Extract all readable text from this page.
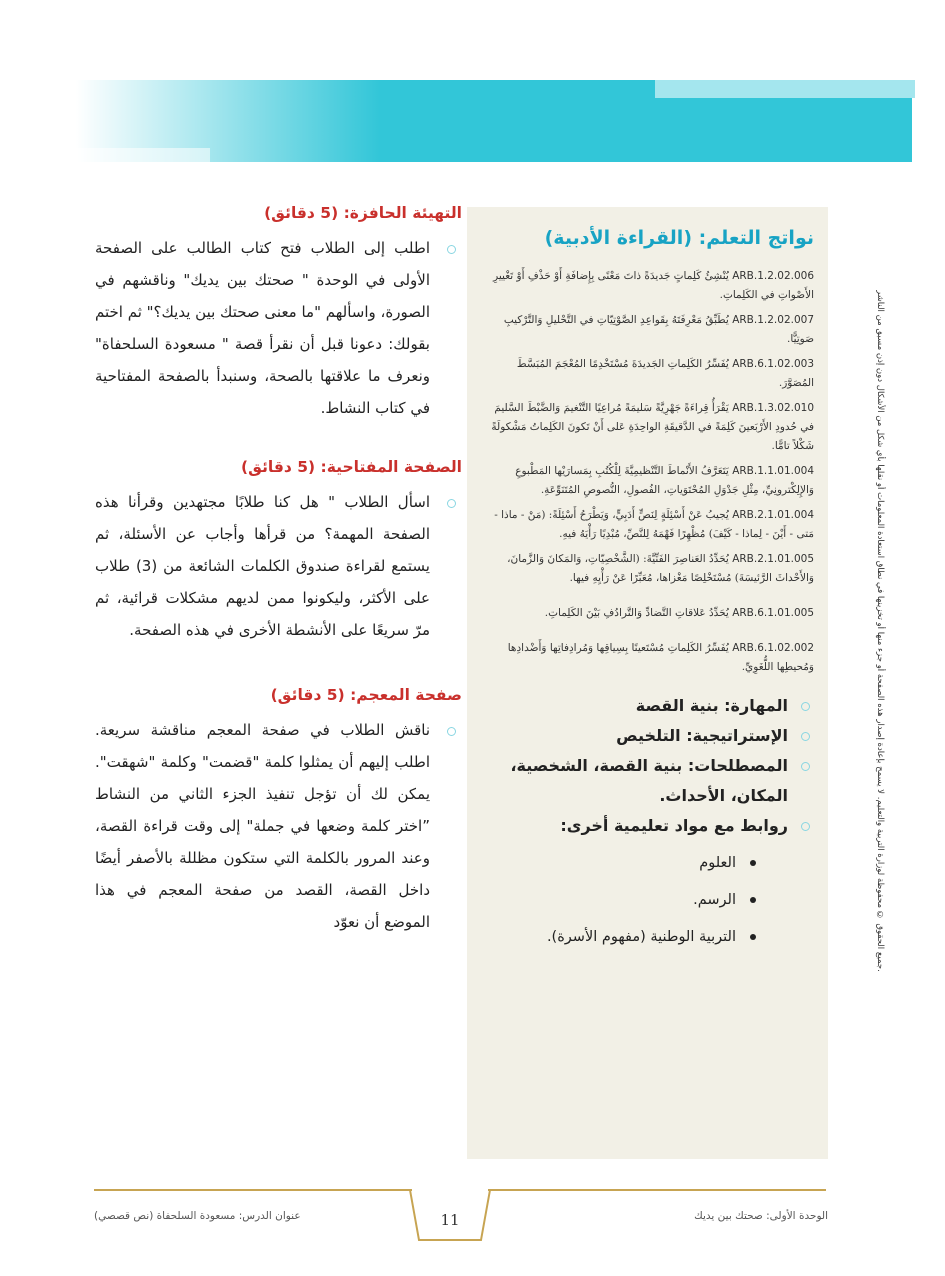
جميع الحقوق © محفوظة لوزارة التربية والتعليم. لا يسمح بإعادة إصدار هذه الصفحة أو جزء منها أو تخزينها في نطاق استعادة المعلومات أو نقلها بأي شكل من الأشكال دون إذن مسبق من الناشر.
نواتج التعلم: (القراءة الأدبية)

ARB.1.2.02.006 يُنْشِئُ كَلِماتٍ جَديدَةً ذاتَ مَعْنًى بِإِضافَةِ أَوْ حَذْفِ أَوْ تَغْييرِ الأَصْواتِ في الكَلِماتِ.

ARB.1.2.02.007 يُطَبِّقُ مَعْرِفَتَهُ بِقَواعِدِ الصَّوْتِيّاتِ في التَّحْليلِ وَالتَّرْكيبِ صَوتِيًّا.

ARB.6.1.02.003 يُفَسِّرُ الكَلِماتِ الجَديدَةَ مُسْتَخْدِمًا المُعْجَمَ المُبَسَّطَ المُصَوَّرَ.

ARB.1.3.02.010 يَقْرَأُ قِراءَةً جَهْرِيَّةً سَليمَةً مُراعِيًا التَّنْغيمَ وَالضَّبْطَ السَّليمَ في حُدودِ الأَرْبَعينَ كَلِمَةً في الدَّقيقَةِ الواحِدَةِ عَلى أَنْ تَكونَ الكَلِماتُ مَشْكولَةً شَكْلاً تامًّا.

ARB.1.1.01.004 يَتَعَرَّفُ الأَنْماطَ التَّنْظيمِيَّةَ لِلْكُتُبِ بِمَسارَيْها المَطْبوعِ وَالإِلِكْترونِيِّ، مِثْلِ جَدْوَلِ المُحْتَوَياتِ، الفُصولِ، النُّصوصِ المُتَنَوِّعَةِ.

ARB.2.1.01.004 يُجيبُ عَنْ أَسْئِلَةٍ لِنَصٍّ أَدَبِيٍّ، وَيَطْرَحُ أَسْئِلَةً: (مَنْ - ماذا - مَتى - أَيْنَ - لِماذا - كَيْفَ) مُظْهِرًا فَهْمَهُ لِلنَّصِّ، مُبْدِيًا رَأْيَهُ فيهِ.

ARB.2.1.01.005 يُحَدِّدُ العَناصِرَ الفَنِّيَّةَ: (الشَّخْصِيّاتِ، وَالمَكانَ وَالزَّمانَ، وَالأَحْداثَ الرَّئيسَةَ) مُسْتَخْلِصًا مَغْزاها، مُعَبِّرًا عَنْ رَأْيِهِ فيها.

ARB.6.1.01.005 يُحَدِّدُ عَلاقاتِ التَّضادِّ وَالتَّرادُفِ بَيْنَ الكَلِماتِ.

ARB.6.1.02.002 يُفَسِّرُ الكَلِماتِ مُسْتَعينًا بِسِياقِها وَمُرادِفاتِها وَأَضْدادِها وَمُحيطِها اللُّغَوِيِّ.

المهارة: بنية القصة
الإستراتيجية: التلخيص
المصطلحات: بنية القصة، الشخصية، المكان، الأحداث.
روابط مع مواد تعليمية أخرى:
العلوم
الرسم.
التربية الوطنية (مفهوم الأسرة).
التهيئة الحافزة: (5 دقائق)

اطلب إلى الطلاب فتح كتاب الطالب على الصفحة الأولى في الوحدة " صحتك بين يديك" وناقشهم في الصورة، واسألهم "ما معنى صحتك بين يديك؟" ثم اختم بقولك: دعونا قبل أن نقرأ قصة " مسعودة السلحفاة" ونعرف ما علاقتها بالصحة، وسنبدأ بالصفحة المفتاحية في كتاب النشاط.

الصفحة المفتاحية: (5 دقائق)

اسأل الطلاب " هل كنا طلابًا مجتهدين وقرأنا هذه الصفحة المهمة؟ من قرأها وأجاب عن الأسئلة، ثم يستمع لقراءة صندوق الكلمات الشائعة من (3) طلاب على الأكثر، وليكونوا ممن لديهم مشكلات قرائية، ثم مرّ سريعًا على الأنشطة الأخرى في هذه الصفحة.

صفحة المعجم: (5 دقائق)

ناقش الطلاب في صفحة المعجم مناقشة سريعة. اطلب إليهم أن يمثلوا كلمة "قضمت" وكلمة "شهقت". يمكن لك أن تؤجل تنفيذ الجزء الثاني من النشاط ”اختر كلمة وضعها في جملة" إلى وقت قراءة القصة، وعند المرور بالكلمة التي ستكون مظللة بالأصفر أيضًا داخل القصة، القصد من صفحة المعجم في هذا الموضع أن نعوّد

11
عنوان الدرس: مسعودة السلحفاة (نص قصصي)	الوحدة الأولى: صحتك بين يديك
